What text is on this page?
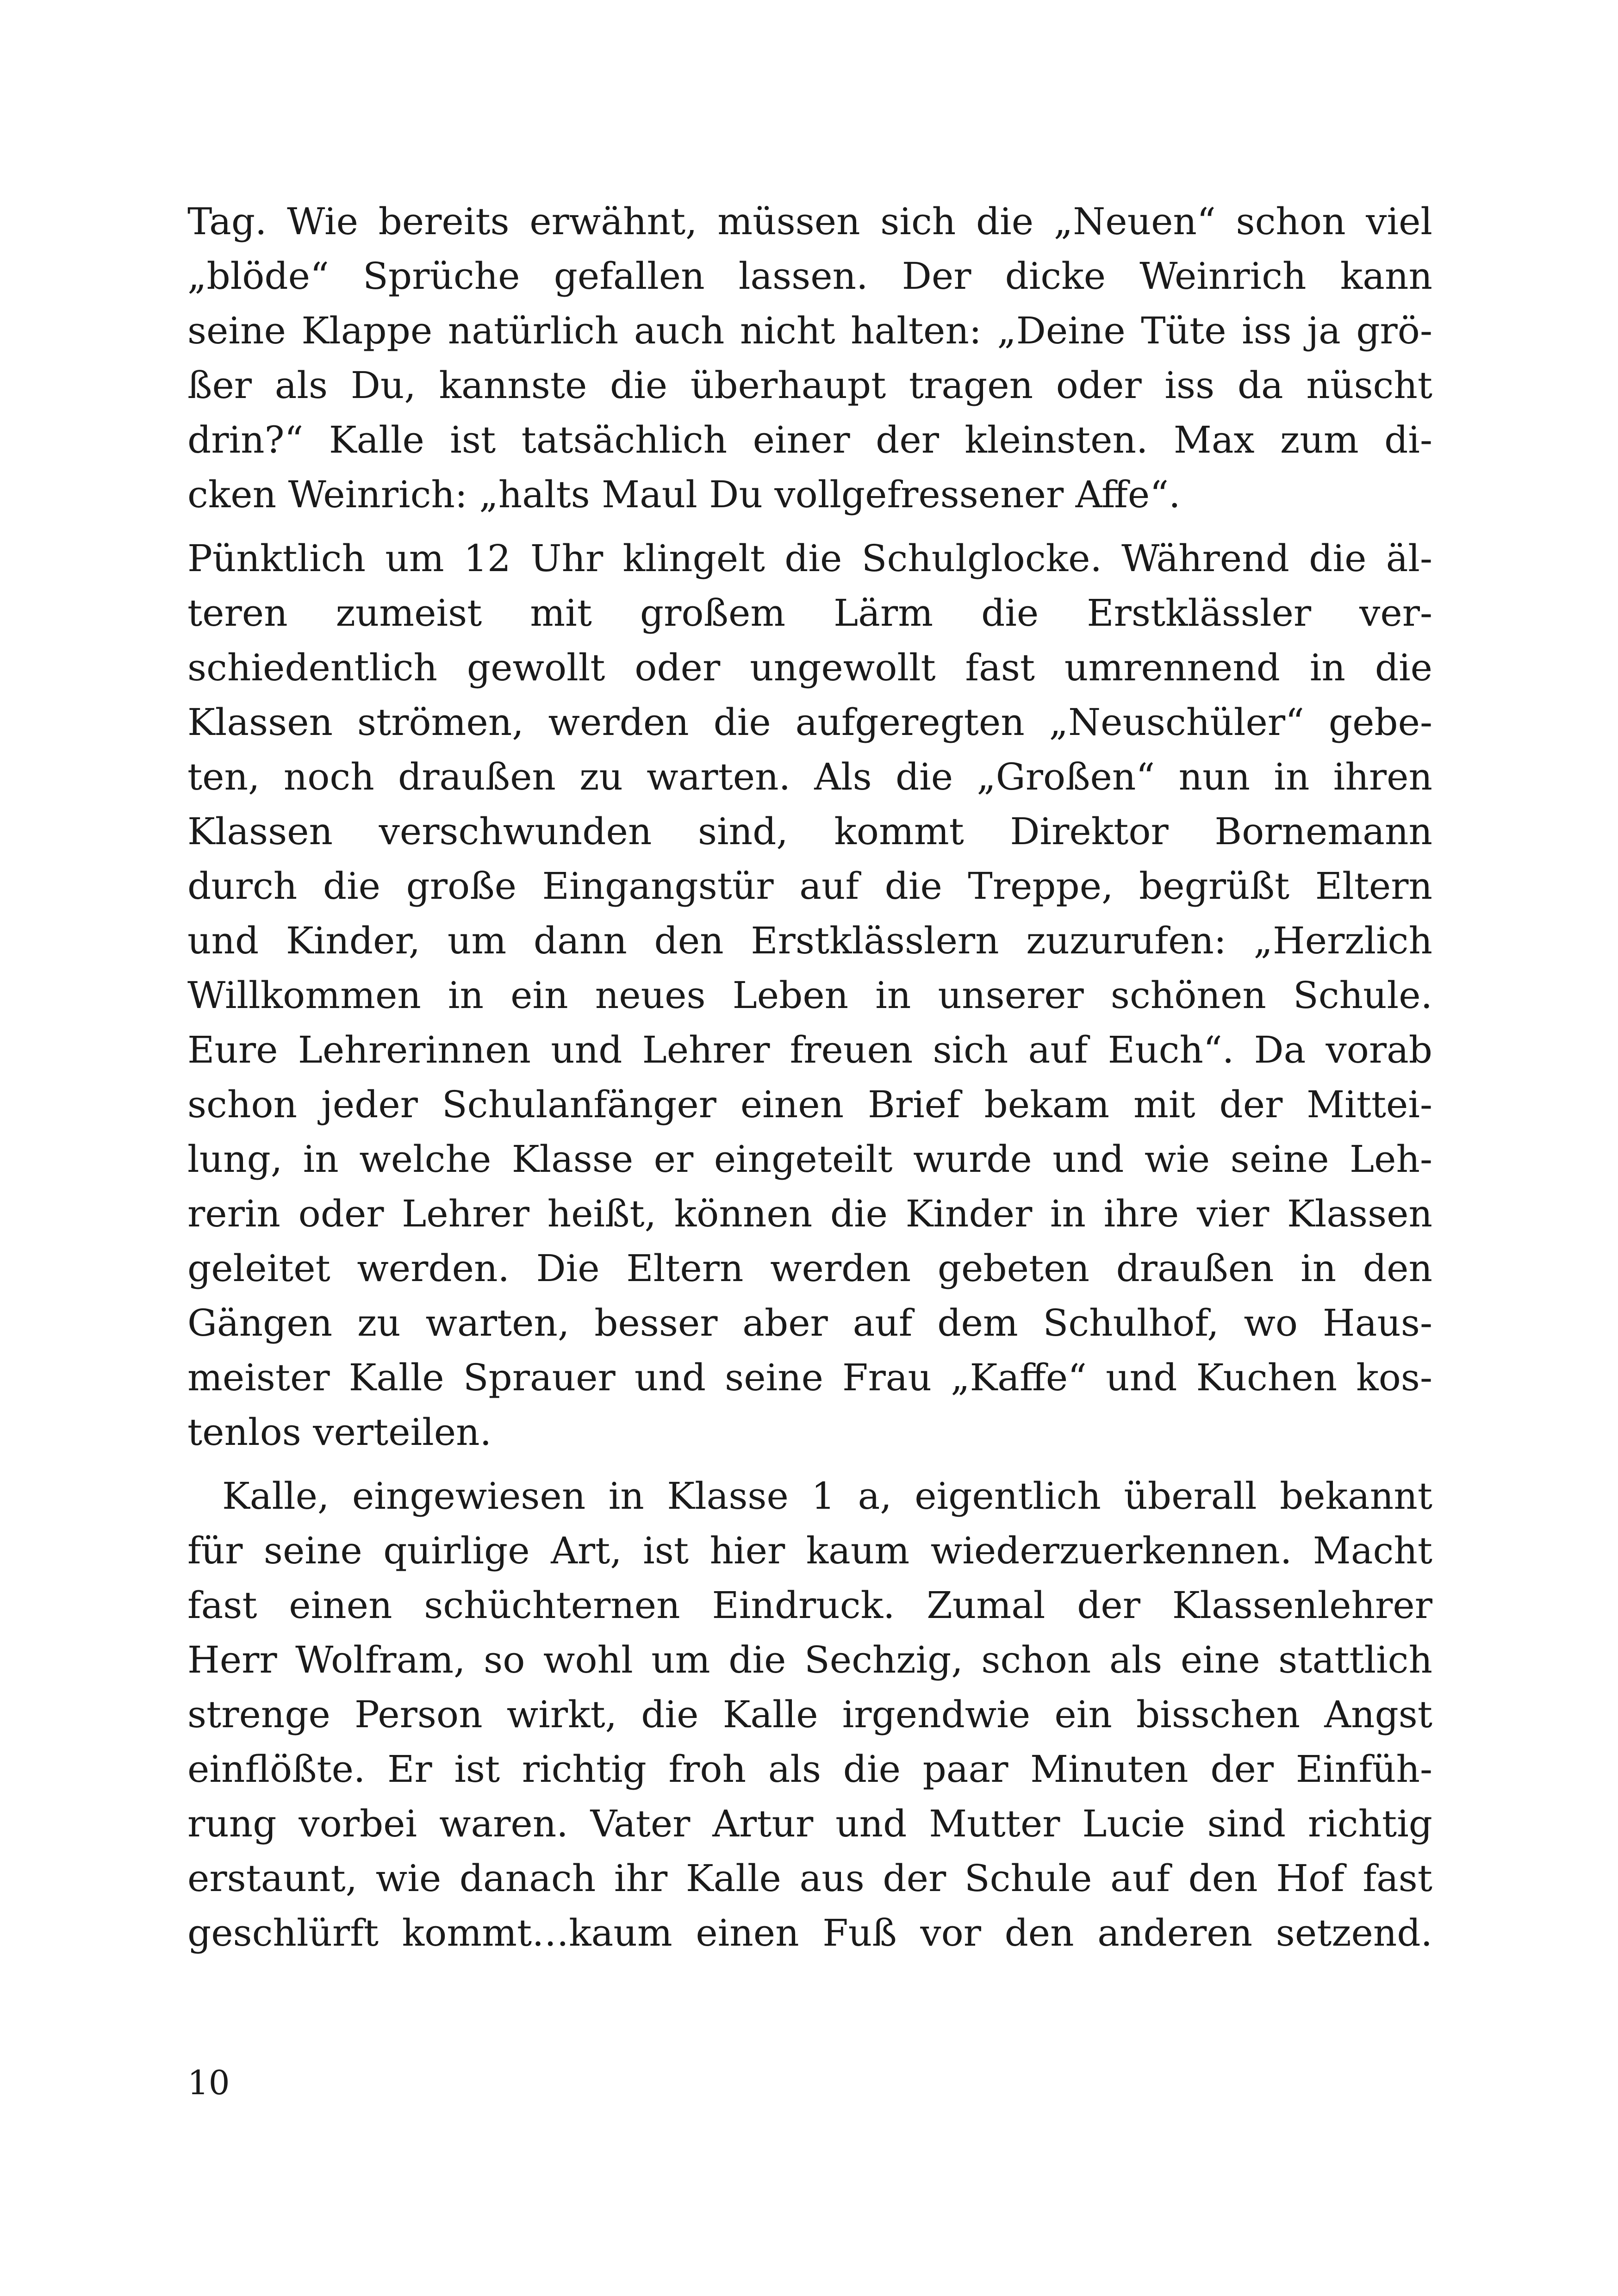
Tag. Wie bereits erwähnt, müssen sich die „Neuen“ schon viel
„blöde“ Sprüche gefallen lassen. Der dicke Weinrich kann
seine Klappe natürlich auch nicht halten: „Deine Tüte iss ja grö-
ßer als Du, kannste die überhaupt tragen oder iss da nüscht
drin?“ Kalle ist tatsächlich einer der kleinsten. Max zum di-
cken Weinrich: „halts Maul Du vollgefressener Affe“.
Pünktlich um 12 Uhr klingelt die Schulglocke. Während die äl-
teren zumeist mit großem Lärm die Erstklässler ver-
schiedentlich gewollt oder ungewollt fast umrennend in die
Klassen strömen, werden die aufgeregten „Neuschüler“ gebe-
ten, noch draußen zu warten. Als die „Großen“ nun in ihren
Klassen verschwunden sind, kommt Direktor Bornemann
durch die große Eingangstür auf die Treppe, begrüßt Eltern
und Kinder, um dann den Erstklässlern zuzurufen: „Herzlich
Willkommen in ein neues Leben in unserer schönen Schule.
Eure Lehrerinnen und Lehrer freuen sich auf Euch“. Da vorab
schon jeder Schulanfänger einen Brief bekam mit der Mittei-
lung, in welche Klasse er eingeteilt wurde und wie seine Leh-
rerin oder Lehrer heißt, können die Kinder in ihre vier Klassen
geleitet werden. Die Eltern werden gebeten draußen in den
Gängen zu warten, besser aber auf dem Schulhof, wo Haus-
meister Kalle Sprauer und seine Frau „Kaffe“ und Kuchen kos-
tenlos verteilen.
Kalle, eingewiesen in Klasse 1 a, eigentlich überall bekannt
für seine quirlige Art, ist hier kaum wiederzuerkennen. Macht
fast einen schüchternen Eindruck. Zumal der Klassenlehrer
Herr Wolfram, so wohl um die Sechzig, schon als eine stattlich
strenge Person wirkt, die Kalle irgendwie ein bisschen Angst
einflößte. Er ist richtig froh als die paar Minuten der Einfüh-
rung vorbei waren. Vater Artur und Mutter Lucie sind richtig
erstaunt, wie danach ihr Kalle aus der Schule auf den Hof fast
geschlürft kommt…kaum einen Fuß vor den anderen setzend.
10
